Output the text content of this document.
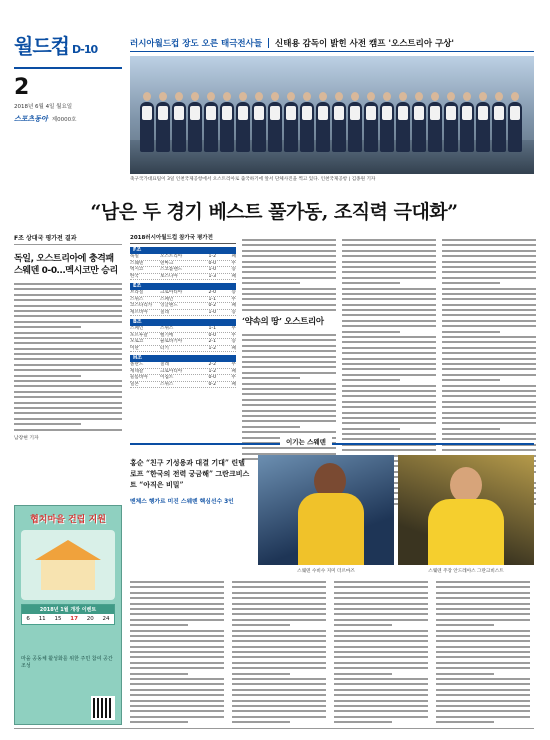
월드컵 D-10
2
2018년 6월 4일 월요일
스포츠동아 제0000호
러시아월드컵 장도 오른 태극전사들 신태용 감독이 밝힌 사전 캠프 '오스트리아 구상'
축구국가대표팀이 3일 인천국제공항에서 오스트리아로 출국하기에 앞서 단체사진을 찍고 있다. 인천국제공항 | 김종원 기자
“남은 두 경기 베스트 풀가동, 조직력 극대화”
F조 상대국 평가전 결과
독일, 오스트리아에 충격패 스웨덴 0-0…멕시코만 승리
남장현 기자
2018러시아월드컵 참가국 평가전
F조
독일	오스트리아	1-2	패
스웨덴	덴마크	0-0	무
멕시코	스코틀랜드	1-0	승
한국	보스니아	1-3	패
E조
브라질	크로아티아	2-0	승
스위스	스페인	1-1	무
코스타리카	잉글랜드	0-2	패
세르비아	칠레	1-0	승
B조
스페인	스위스	1-1	무
포르투갈	벨기에	0-0	무
모로코	슬로바키아	2-1	승
이란	터키	1-2	패
H조
폴란드	칠레	2-2	무
세네갈	크로아티아	1-2	패
콜롬비아	이집트	0-0	무
일본	스위스	0-2	패
‘약속의 땅’ 오스트리아
협치마을 건립 지원
2018년 1월 개장 이벤트
6 11 15 17 20 24
마을 공동체 활성화를 위한 주민 참여 공간 조성
이기는 스웨덴
홍순 “친구 기성용과 대결 기대” 린델로프 “한국의 전력 궁금해” 그란크비스트 “아직은 비밀”
맨체스 행가르 미진 스웨덴 핵심선수 3인
스웨덴 수비수 지미 더르마즈	스웨덴 주장 안드레아스 그란크비스트
